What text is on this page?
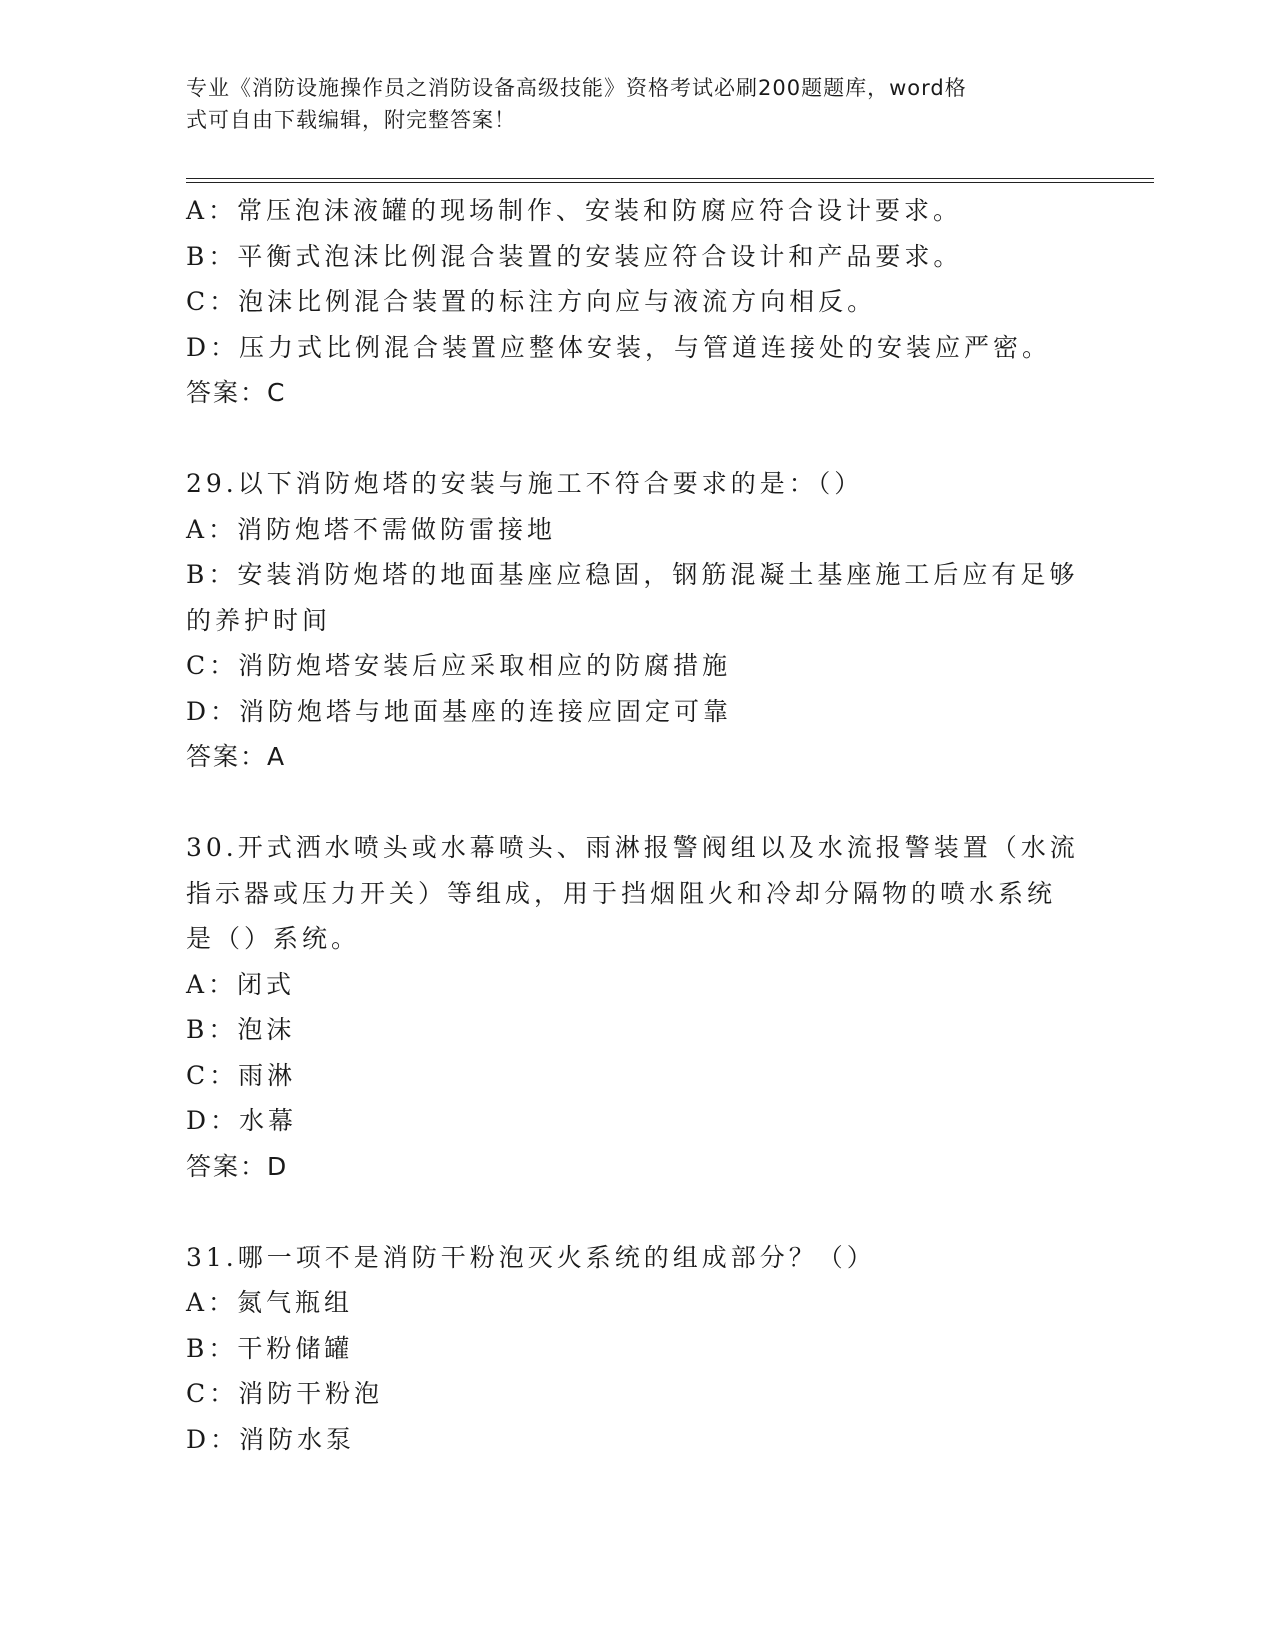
专业《消防设施操作员之消防设备高级技能》资格考试必刷200题题库，word格
式可自由下载编辑，附完整答案！
A：常压泡沫液罐的现场制作、安装和防腐应符合设计要求。
B：平衡式泡沫比例混合装置的安装应符合设计和产品要求。
C：泡沫比例混合装置的标注方向应与液流方向相反。
D：压力式比例混合装置应整体安装，与管道连接处的安装应严密。
答案：C
29.以下消防炮塔的安装与施工不符合要求的是：（）
A：消防炮塔不需做防雷接地
B：安装消防炮塔的地面基座应稳固，钢筋混凝土基座施工后应有足够
的养护时间
C：消防炮塔安装后应采取相应的防腐措施
D：消防炮塔与地面基座的连接应固定可靠
答案：A
30.开式洒水喷头或水幕喷头、雨淋报警阀组以及水流报警装置（水流
指示器或压力开关）等组成，用于挡烟阻火和冷却分隔物的喷水系统
是（）系统。
A：闭式
B：泡沫
C：雨淋
D：水幕
答案：D
31.哪一项不是消防干粉泡灭火系统的组成部分？（）
A：氮气瓶组
B：干粉储罐
C：消防干粉泡
D：消防水泵
